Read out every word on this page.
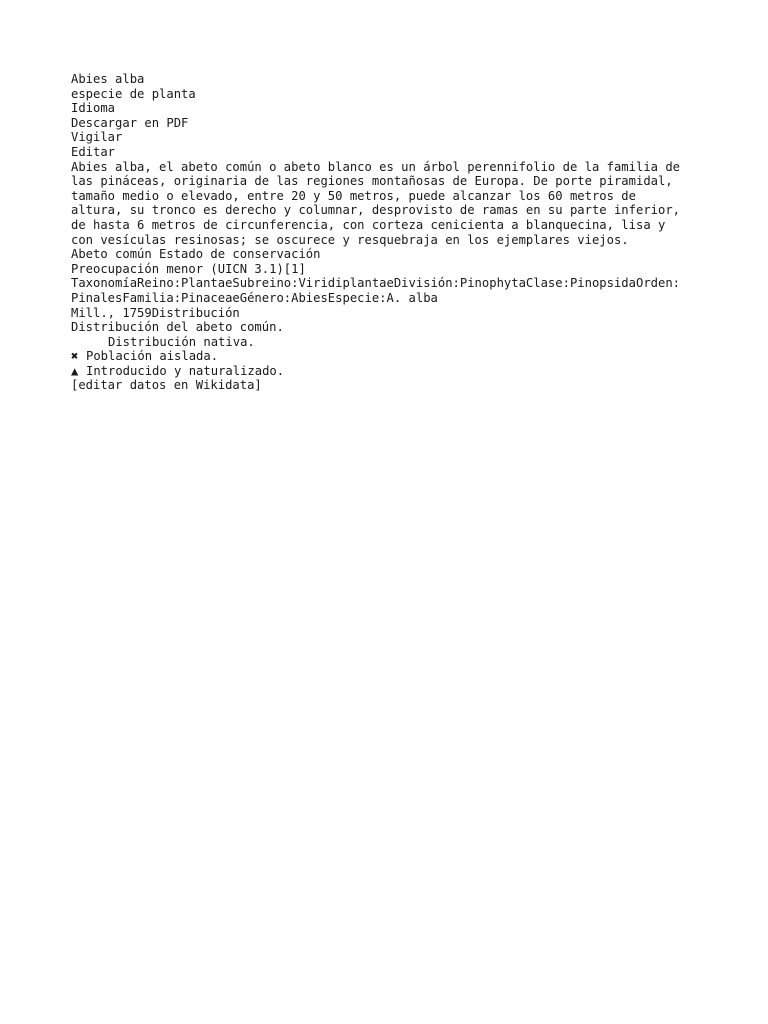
Abies alba
especie de planta
Idioma
Descargar en PDF
Vigilar
Editar
Abies alba, el abeto común o abeto blanco es un árbol perennifolio de la familia de
las pináceas, originaria de las regiones montañosas de Europa. De porte piramidal,
tamaño medio o elevado, entre 20 y 50 metros, puede alcanzar los 60 metros de
altura, su tronco es derecho y columnar, desprovisto de ramas en su parte inferior,
de hasta 6 metros de circunferencia, con corteza cenicienta a blanquecina, lisa y
con vesículas resinosas; se oscurece y resquebraja en los ejemplares viejos.
Abeto común Estado de conservación
Preocupación menor (UICN 3.1)[1]
TaxonomíaReino:PlantaeSubreino:ViridiplantaeDivisión:PinophytaClase:PinopsidaOrden:
PinalesFamilia:PinaceaeGénero:AbiesEspecie:A. alba
Mill., 1759Distribución
Distribución del abeto común.
Distribución nativa.
✖ Población aislada.
▲ Introducido y naturalizado.
[editar datos en Wikidata]
